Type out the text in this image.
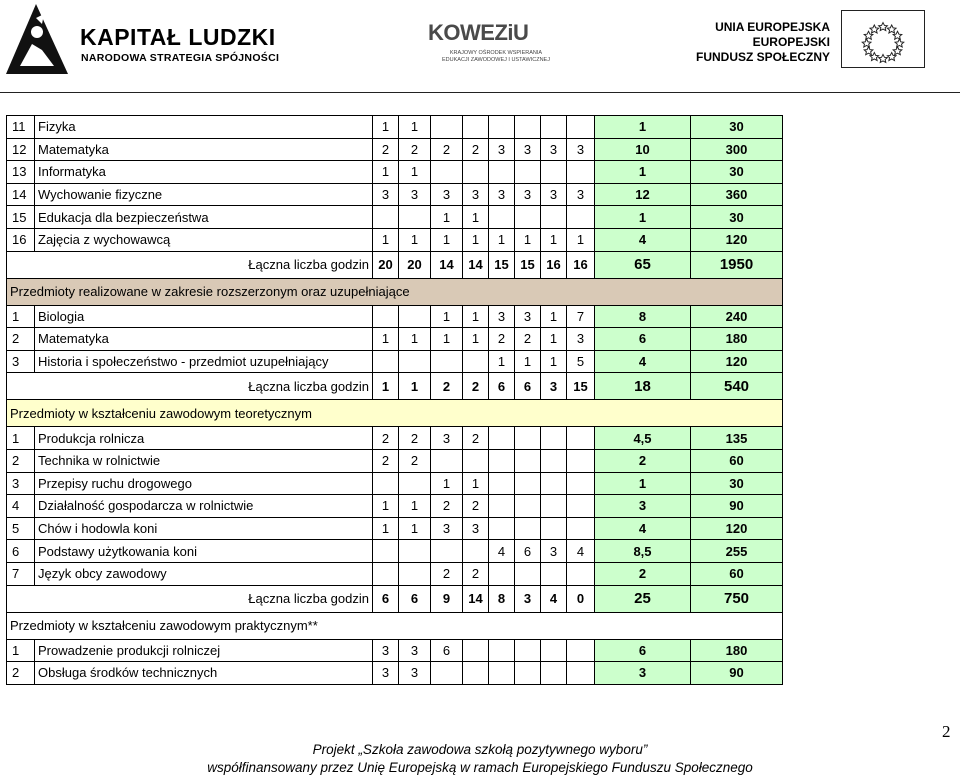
KAPITAŁ LUDZKI
NARODOWA STRATEGIA SPÓJNOŚCI
KOWEZiU
KRAJOWY OŚRODEK WSPIERANIA
EDUKACJI ZAWODOWEJ I USTAWICZNEJ
UNIA EUROPEJSKA
EUROPEJSKI
FUNDUSZ SPOŁECZNY
11	Fizyka	1	1							1	30
12	Matematyka	2	2	2	2	3	3	3	3	10	300
13	Informatyka	1	1							1	30
14	Wychowanie fizyczne	3	3	3	3	3	3	3	3	12	360
15	Edukacja dla bezpieczeństwa			1	1					1	30
16	Zajęcia z wychowawcą	1	1	1	1	1	1	1	1	4	120
Łączna liczba godzin		20	20	14	14	15	15	16	16	65	1950
Przedmioty realizowane w zakresie rozszerzonym oraz uzupełniające											
1	Biologia			1	1	3	3	1	7	8	240
2	Matematyka	1	1	1	1	2	2	1	3	6	180
3	Historia i społeczeństwo - przedmiot uzupełniający					1	1	1	5	4	120
Łączna liczba godzin		1	1	2	2	6	6	3	15	18	540
Przedmioty w kształceniu zawodowym teoretycznym											
1	Produkcja rolnicza	2	2	3	2					4,5	135
2	Technika w rolnictwie	2	2							2	60
3	Przepisy ruchu drogowego			1	1					1	30
4	Działalność gospodarcza w rolnictwie	1	1	2	2					3	90
5	Chów i hodowla koni	1	1	3	3					4	120
6	Podstawy użytkowania koni					4	6	3	4	8,5	255
7	Język obcy zawodowy			2	2					2	60
Łączna liczba godzin		6	6	9	14	8	3	4	0	25	750
Przedmioty w kształceniu zawodowym praktycznym**											
1	Prowadzenie produkcji rolniczej	3	3	6						6	180
2	Obsługa środków technicznych	3	3							3	90
2
Projekt „Szkoła zawodowa szkołą pozytywnego wyboru”
współfinansowany przez Unię Europejską w ramach Europejskiego Funduszu Społecznego
